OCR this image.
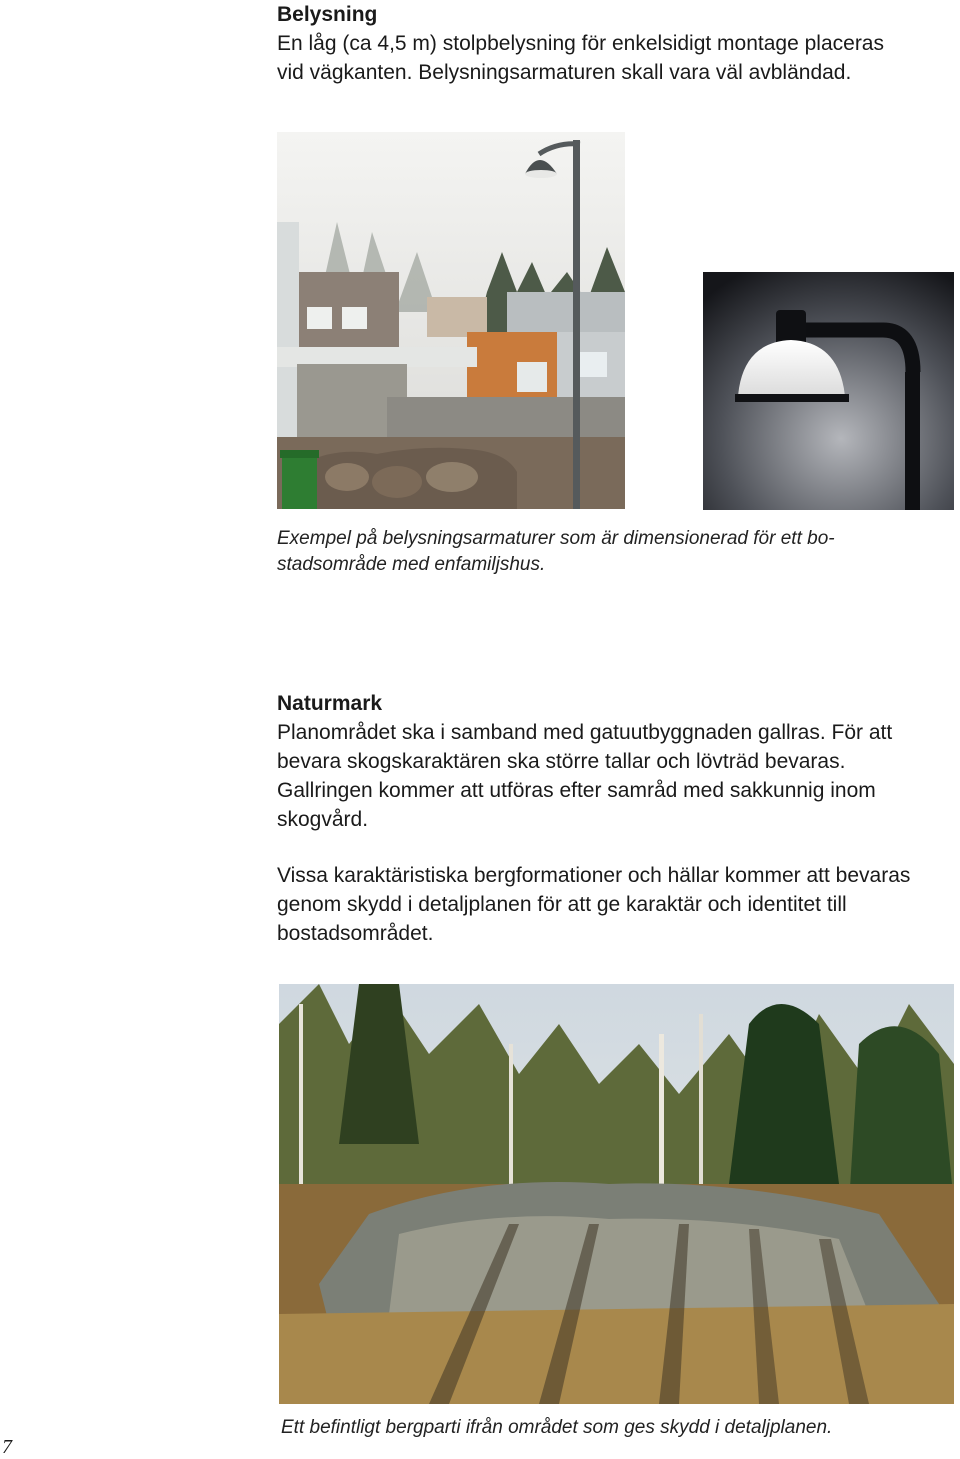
Belysning

En låg (ca 4,5 m) stolpbelysning för enkelsidigt montage placeras vid vägkanten. Belysningsarmaturen skall vara väl avbländad.

Exempel på belysningsarmaturer som är dimensionerad för ett bo- stadsområde med enfamiljshus.

Naturmark

Planområdet ska i samband med gatuutbyggnaden gallras. För att bevara skogskaraktären ska större tallar och lövträd bevaras. Gallringen kommer att utföras efter samråd med sakkunnig inom skogvård.

Vissa karaktäristiska bergformationer och hällar kommer att bevaras genom skydd i detaljplanen för att ge karaktär och identitet till bostadsområdet.

Ett befintligt bergparti ifrån området som ges skydd i detaljplanen.
7
